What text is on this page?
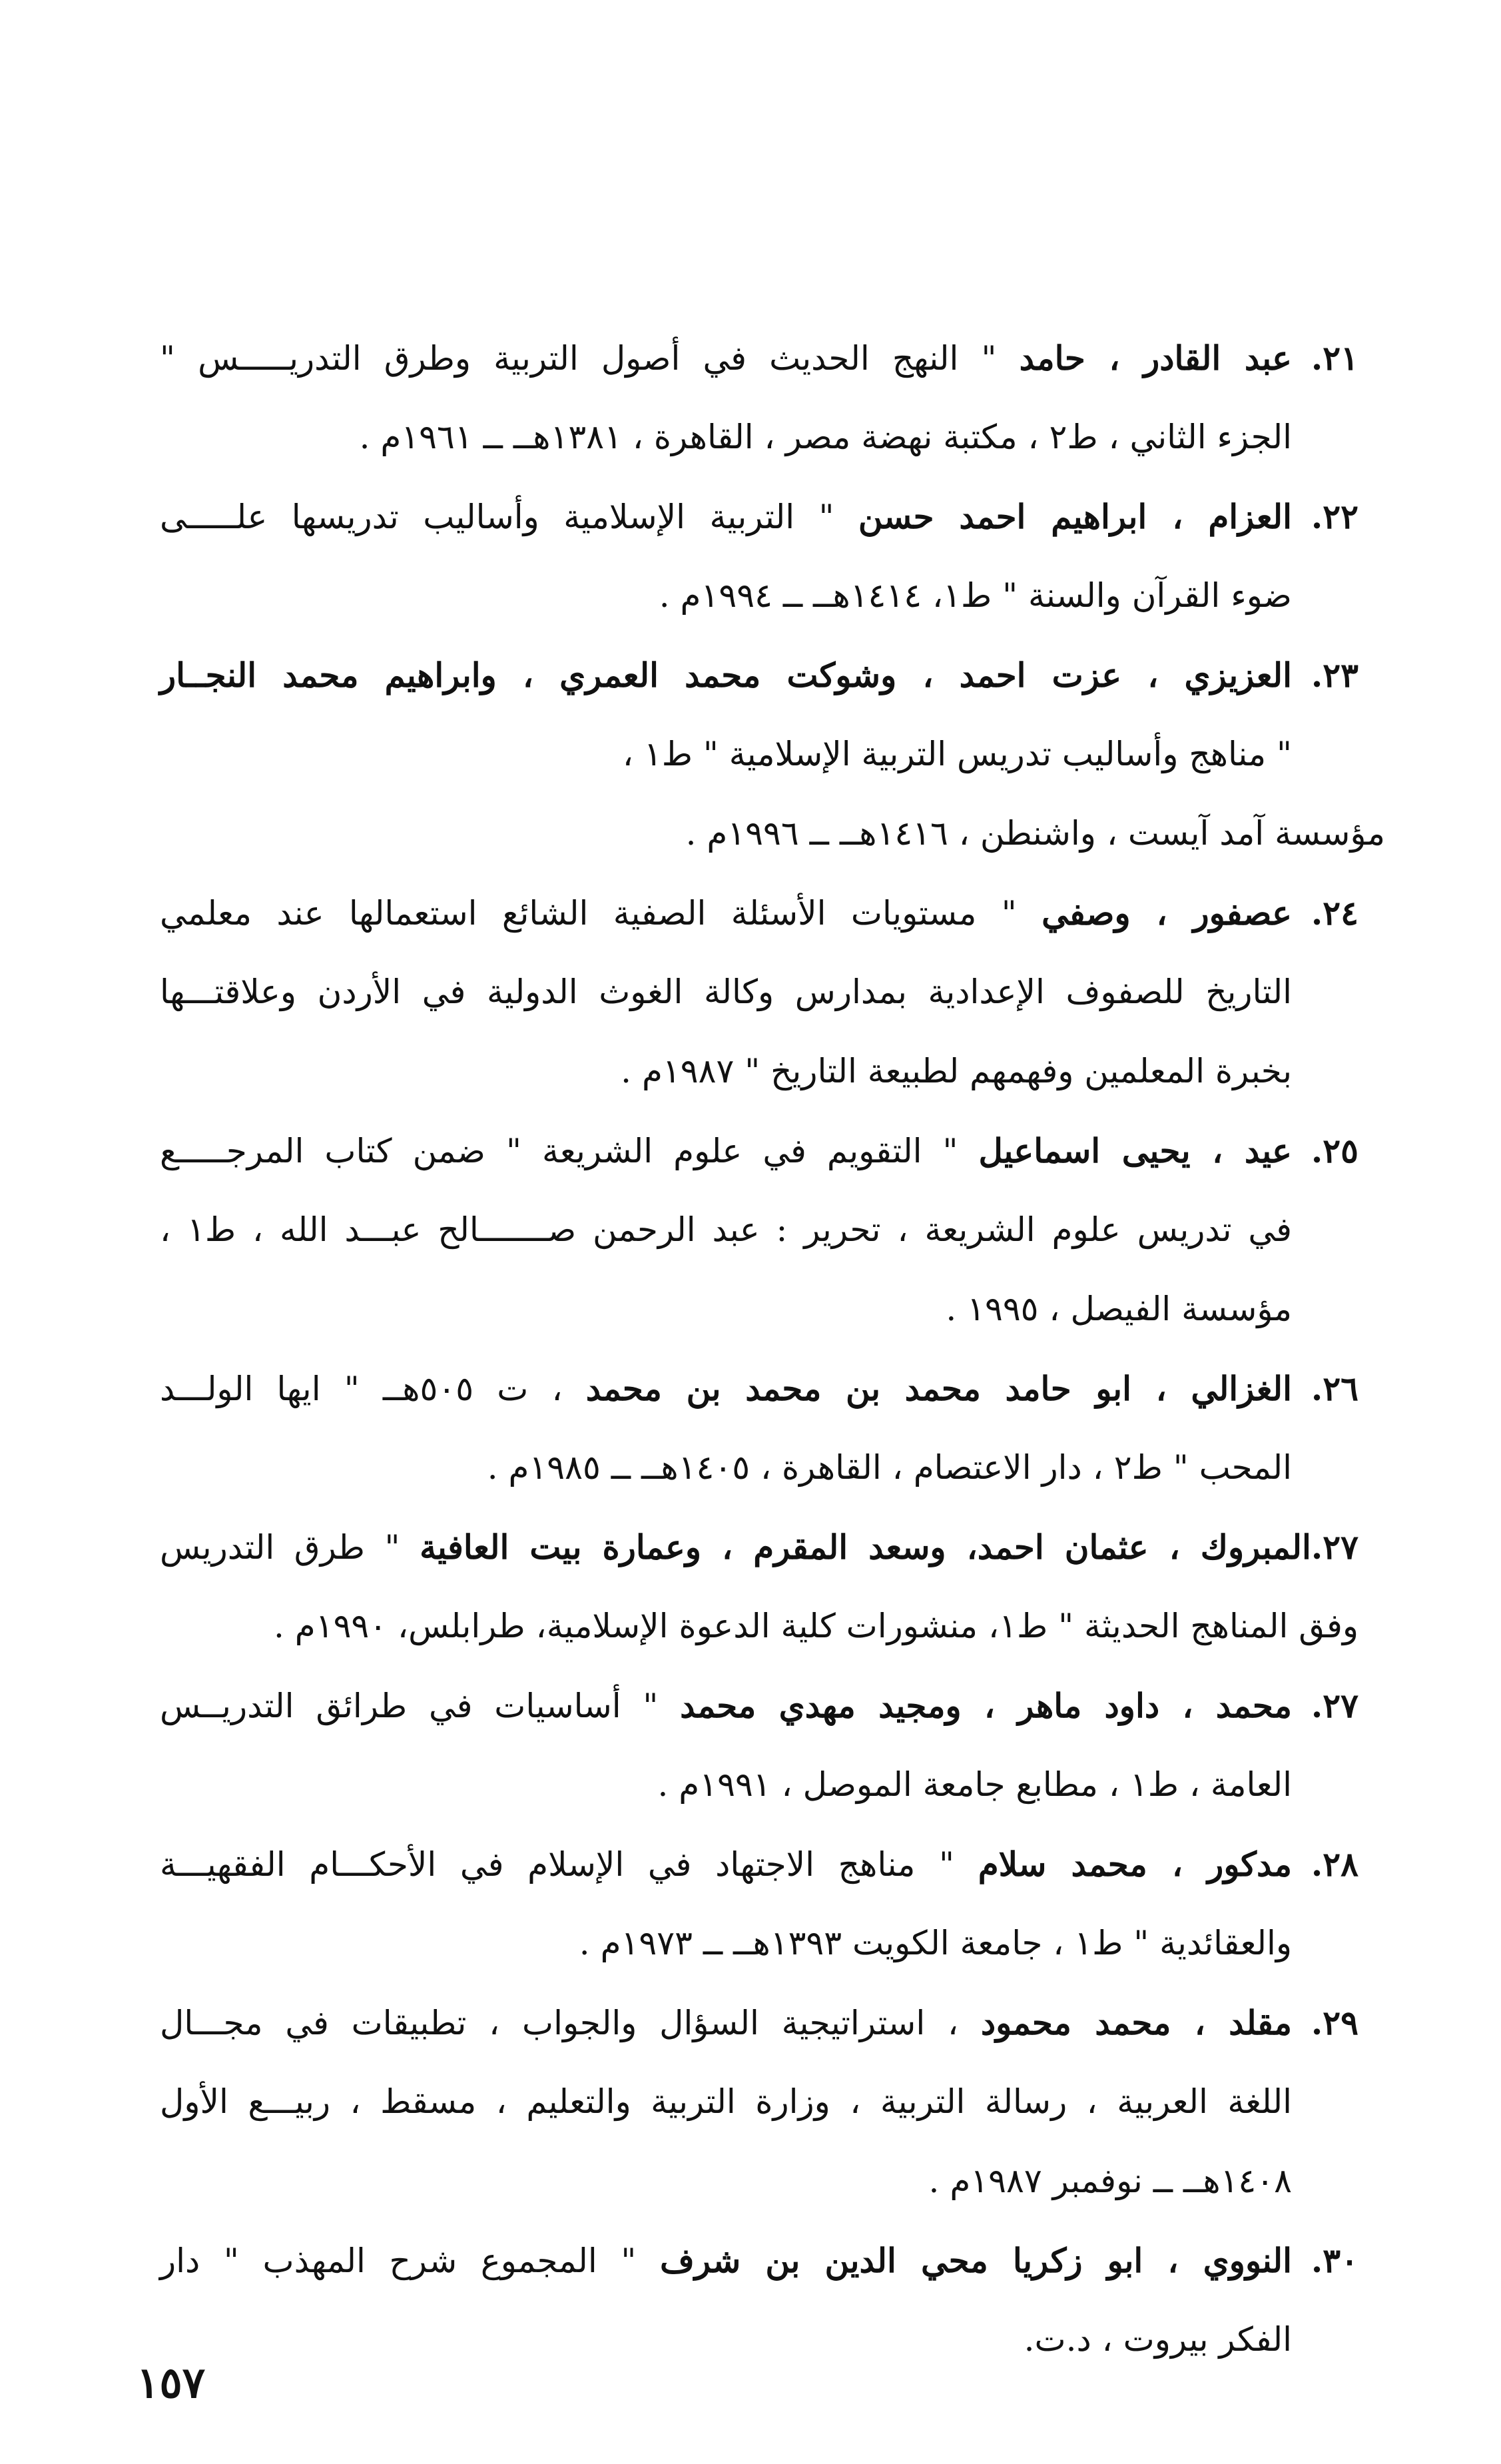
٢١.عبد القادر ، حامد " النهج الحديث في أصول التربية وطرق التدريـــــس "
الجزء الثاني ، ط٢ ، مكتبة نهضة مصر ، القاهرة ، ١٣٨١هــ ــ ١٩٦١م .
٢٢.العزام ، ابراهيم احمد حسن " التربية الإسلامية وأساليب تدريسها علـــــى
ضوء القرآن والسنة " ط١، ١٤١٤هــ ــ ١٩٩٤م .
٢٣.العزيزي ، عزت احمد ، وشوكت محمد العمري ، وابراهيم محمد النجــار
" مناهج وأساليب تدريس التربية الإسلامية " ط١ ،
مؤسسة آمد آيست ، واشنطن ، ١٤١٦هــ ــ ١٩٩٦م .
٢٤.عصفور ، وصفي " مستويات الأسئلة الصفية الشائع استعمالها عند معلمي
التاريخ للصفوف الإعدادية بمدارس وكالة الغوث الدولية في الأردن وعلاقتـــها
بخبرة المعلمين وفهمهم لطبيعة التاريخ " ١٩٨٧م .
٢٥.عيد ، يحيى اسماعيل " التقويم في علوم الشريعة " ضمن كتاب المرجـــــع
في تدريس علوم الشريعة ، تحرير : عبد الرحمن صـــــــالح عبـــد الله ، ط١ ،
مؤسسة الفيصل ، ١٩٩٥ .
٢٦.الغزالي ، ابو حامد محمد بن محمد بن محمد ، ت ٥٠٥هــ " ايها الولـــد
المحب " ط٢ ، دار الاعتصام ، القاهرة ، ١٤٠٥هــ ــ ١٩٨٥م .
٢٧.المبروك ، عثمان احمد، وسعد المقرم ، وعمارة بيت العافية " طرق التدريس
وفق المناهج الحديثة " ط١، منشورات كلية الدعوة الإسلامية، طرابلس، ١٩٩٠م .
٢٧.محمد ، داود ماهر ، ومجيد مهدي محمد " أساسيات في طرائق التدريــس
العامة ، ط١ ، مطابع جامعة الموصل ، ١٩٩١م .
٢٨.مدكور ، محمد سلام " مناهج الاجتهاد في الإسلام في الأحكـــام الفقهيـــة
والعقائدية " ط١ ، جامعة الكويت ١٣٩٣هــ ــ ١٩٧٣م .
٢٩.مقلد ، محمد محمود ، استراتيجية السؤال والجواب ، تطبيقات في مجـــال
اللغة العربية ، رسالة التربية ، وزارة التربية والتعليم ، مسقط ، ربيـــع الأول
١٤٠٨هــ ــ نوفمبر ١٩٨٧م .
٣٠.النووي ، ابو زكريا محي الدين بن شرف " المجموع شرح المهذب " دار
الفكر بيروت ، د.ت.
١٥٧
